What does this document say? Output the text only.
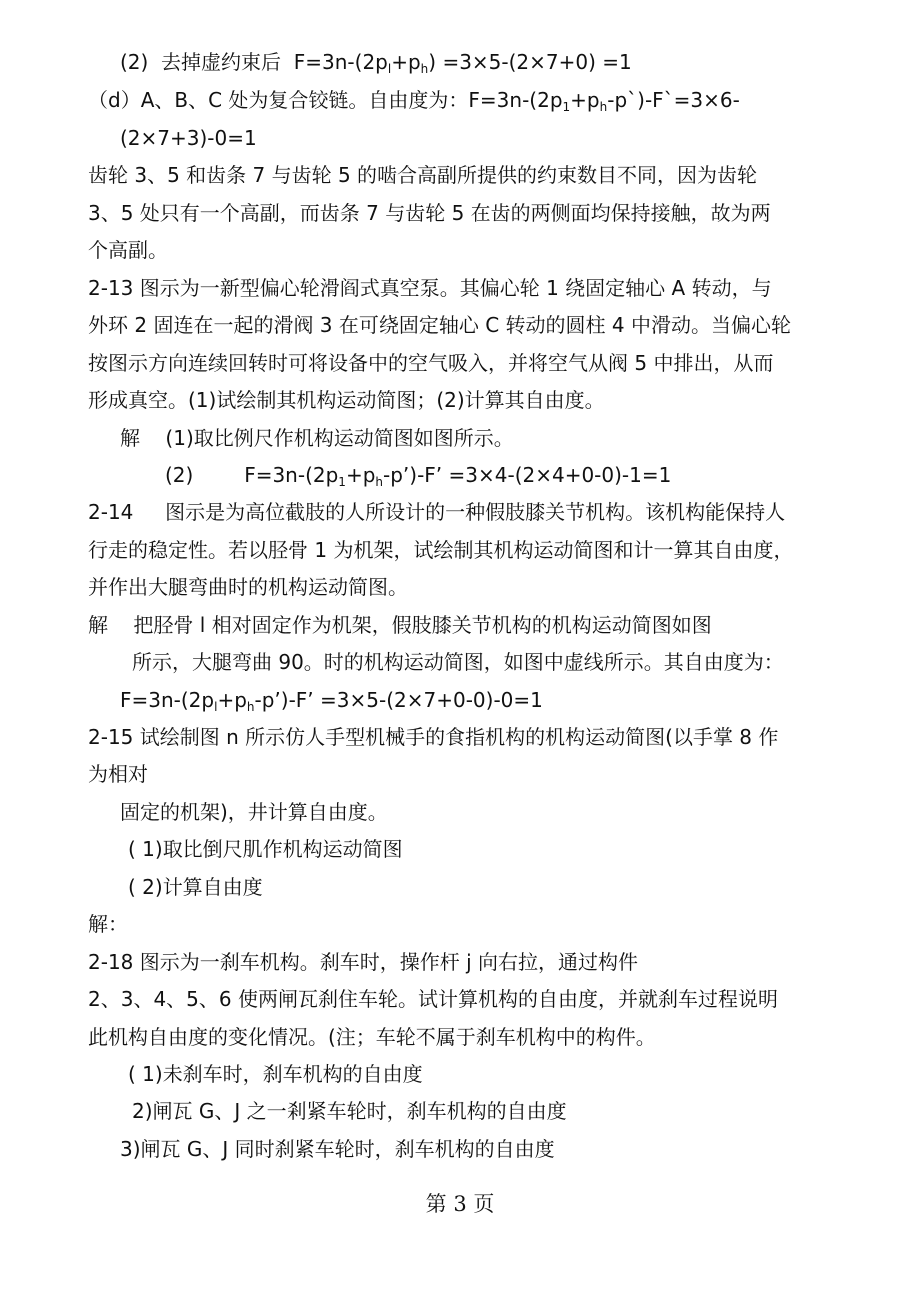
(2)  去掉虚约束后  $F=3n-(2p_l+p_h) =3\times 5-(2\times 7+0) =1$
（d）A、B、C 处为复合铰链。自由度为：$F=3n-(2p_1+p_h-p`)-F`=3\times 6-$
(2×7+3)-0=1
齿轮 3、5 和齿条 7 与齿轮 5 的啮合高副所提供的约束数目不同，因为齿轮
3、5 处只有一个高副，而齿条 7 与齿轮 5 在齿的两侧面均保持接触，故为两
个高副。
2-13 图示为一新型偏心轮滑阎式真空泵。其偏心轮 1 绕固定轴心 A 转动，与
外环 2 固连在一起的滑阀 3 在可绕固定轴心 C 转动的圆柱 4 中滑动。当偏心轮
按图示方向连续回转时可将设备中的空气吸入，并将空气从阀 5 中排出，从而
形成真空。(1)试绘制其机构运动简图；(2)计算其自由度。
解    (1)取比例尺作机构运动简图如图所示。
(2)        $F=3n-(2p_1+p_h-p’)-F$’ =3×4-(2×4+0-0)-1=1
2-14     图示是为高位截肢的人所设计的一种假肢膝关节机构。该机构能保持人
行走的稳定性。若以胫骨 1 为机架，试绘制其机构运动简图和计一算其自由度，
并作出大腿弯曲时的机构运动简图。
解    把胫骨 l 相对固定作为机架，假肢膝关节机构的机构运动简图如图
所示，大腿弯曲 90。时的机构运动简图，如图中虚线所示。其自由度为：
$F=3n-(2p_l+p_h-p’)-F$’ =3×5-(2×7+0-0)-0=1
2-15 试绘制图 n 所示仿人手型机械手的食指机构的机构运动简图(以手掌 8 作
为相对
固定的机架)，井计算自由度。
( 1)取比倒尺肌作机构运动简图
( 2)计算自由度
解：
2-18 图示为一刹车机构。刹车时，操作杆 j 向右拉，通过构件
2、3、4、5、6 使两闸瓦刹住车轮。试计算机构的自由度，并就刹车过程说明
此机构自由度的变化情况。(注；车轮不属于刹车机构中的构件。
( 1)未刹车时，刹车机构的自由度
2)闸瓦 G、J 之一剎紧车轮时，刹车机构的自由度
3)闸瓦 G、J 同时刹紧车轮时，刹车机构的自由度
第 3 页
